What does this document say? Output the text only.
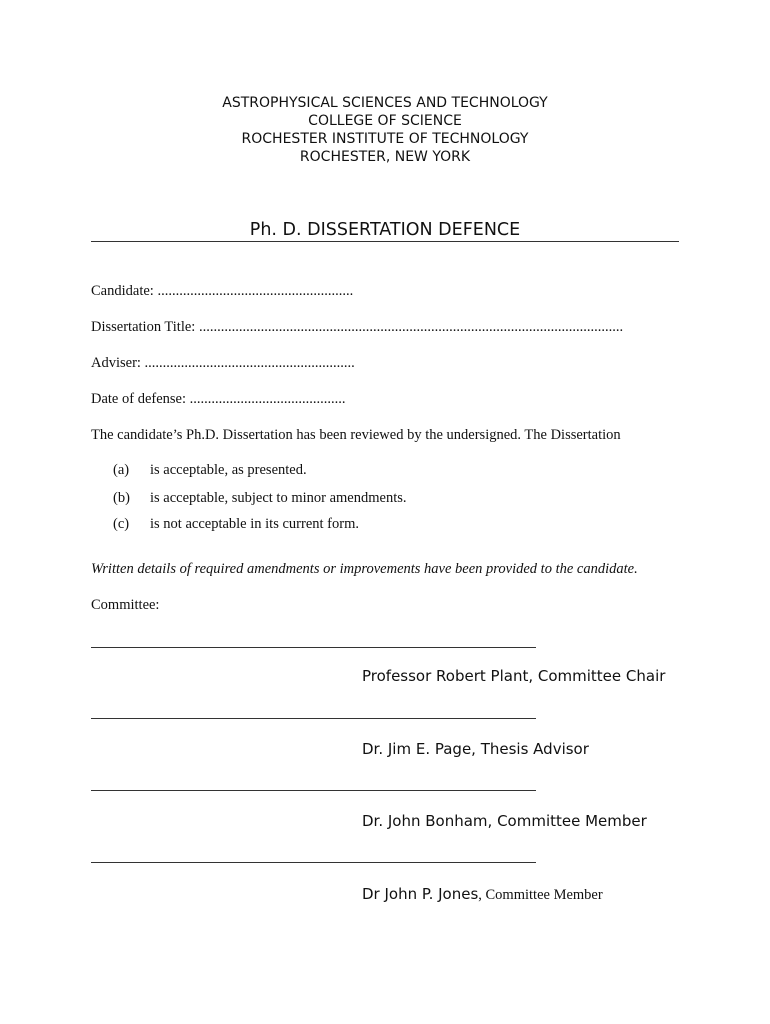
ASTROPHYSICAL SCIENCES AND TECHNOLOGY
COLLEGE OF SCIENCE
ROCHESTER INSTITUTE OF TECHNOLOGY
ROCHESTER, NEW YORK
Ph. D. DISSERTATION DEFENCE
Candidate: ......................................................
Dissertation Title: .....................................................................................................................
Adviser: ..........................................................
Date of defense: ...........................................
The candidate’s Ph.D. Dissertation has been reviewed by the undersigned. The Dissertation
(a) is acceptable, as presented.
(b) is acceptable, subject to minor amendments.
(c) is not acceptable in its current form.
Written details of required amendments or improvements have been provided to the candidate.
Committee:
Professor Robert Plant, Committee Chair
Dr. Jim E. Page, Thesis Advisor
Dr. John Bonham, Committee Member
Dr John P. Jones, Committee Member
